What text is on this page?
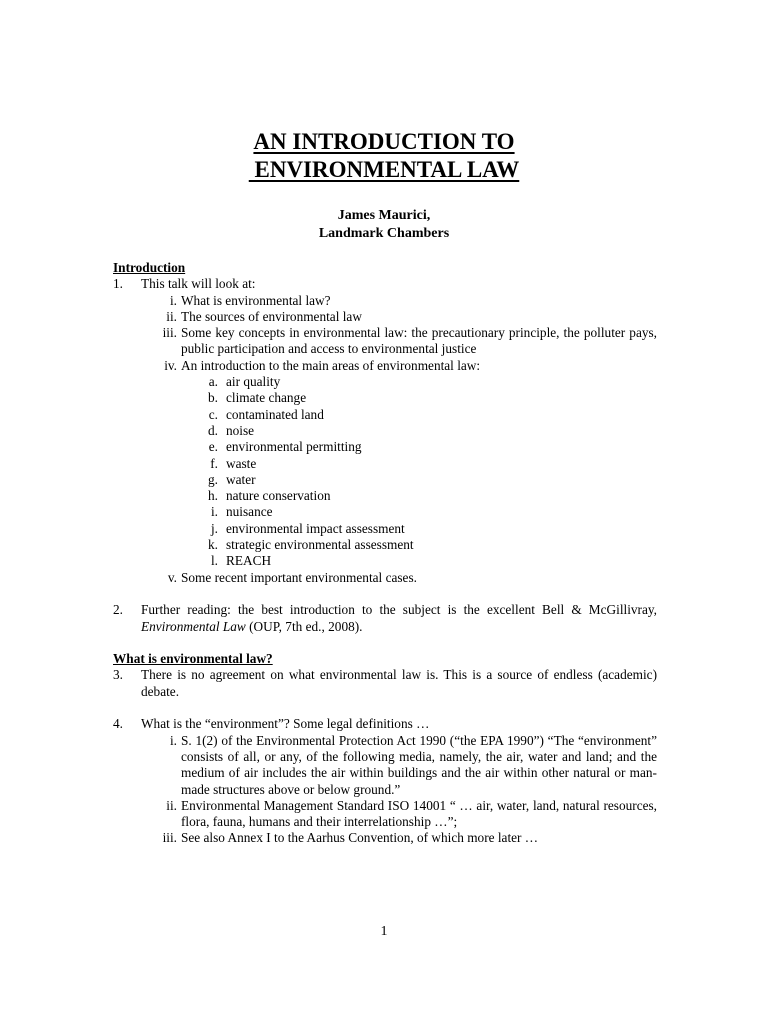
AN INTRODUCTION TO
ENVIRONMENTAL LAW
James Maurici,
Landmark Chambers
Introduction
1. This talk will look at:
i. What is environmental law?
ii. The sources of environmental law
iii. Some key concepts in environmental law: the precautionary principle, the polluter pays, public participation and access to environmental justice
iv. An introduction to the main areas of environmental law:
a. air quality
b. climate change
c. contaminated land
d. noise
e. environmental permitting
f. waste
g. water
h. nature conservation
i. nuisance
j. environmental impact assessment
k. strategic environmental assessment
l. REACH
v. Some recent important environmental cases.
2. Further reading: the best introduction to the subject is the excellent Bell & McGillivray, Environmental Law (OUP, 7th ed., 2008).
What is environmental law?
3. There is no agreement on what environmental law is. This is a source of endless (academic) debate.
4. What is the “environment”? Some legal definitions …
i. S. 1(2) of the Environmental Protection Act 1990 (“the EPA 1990”) “The “environment” consists of all, or any, of the following media, namely, the air, water and land; and the medium of air includes the air within buildings and the air within other natural or man-made structures above or below ground.”
ii. Environmental Management Standard ISO 14001 “ … air, water, land, natural resources, flora, fauna, humans and their interrelationship …”;
iii. See also Annex I to the Aarhus Convention, of which more later …
1
